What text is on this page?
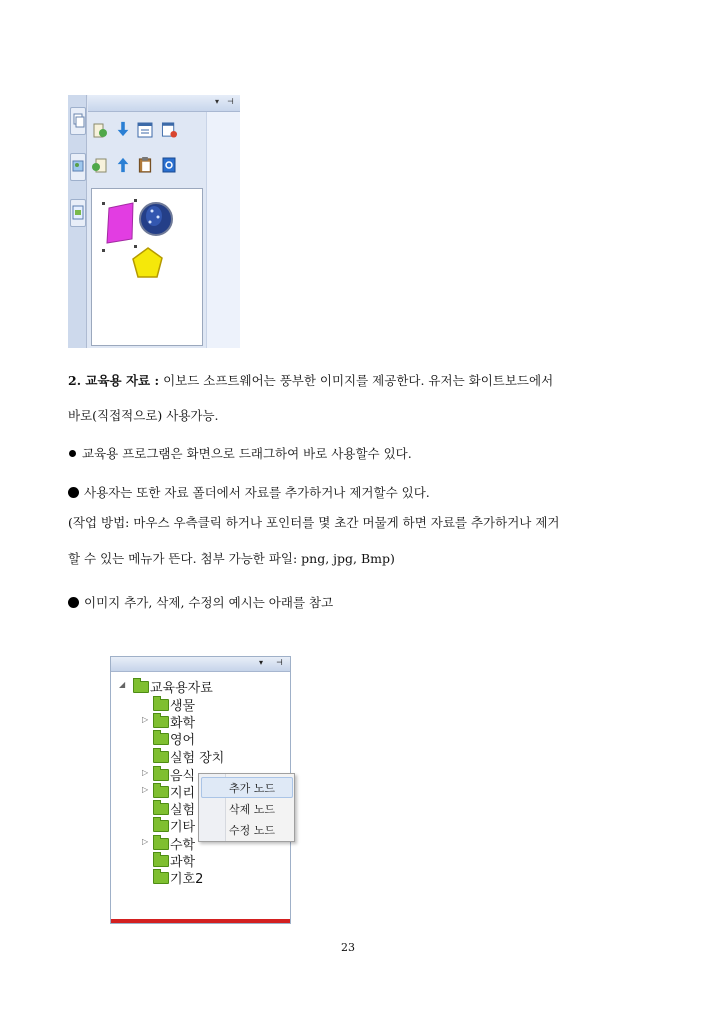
▾ ⊣
2. 교육용 자료 : 이보드 소프트웨어는 풍부한 이미지를 제공한다. 유저는 화이트보드에서
바로(직접적으로) 사용가능.
교육용 프로그램은 화면으로 드래그하여 바로 사용할수 있다.
사용자는 또한 자료 폴더에서 자료를 추가하거나 제거할수 있다.
(작업 방법: 마우스 우측클릭 하거나 포인터를 몇 초간 머물게 하면 자료를 추가하거나 제거
할 수 있는 메뉴가 뜬다. 첨부 가능한 파일: png, jpg, Bmp)
이미지 추가, 삭제, 수정의 예시는 아래를 참고
▾ ⊣
◢	교육용자료
생물
▷	화학
영어
실험 장치
▷	음식
▷	지리
실험
기타
▷	수학
과학
기호2
추가 노드
삭제 노드
수정 노드
23
